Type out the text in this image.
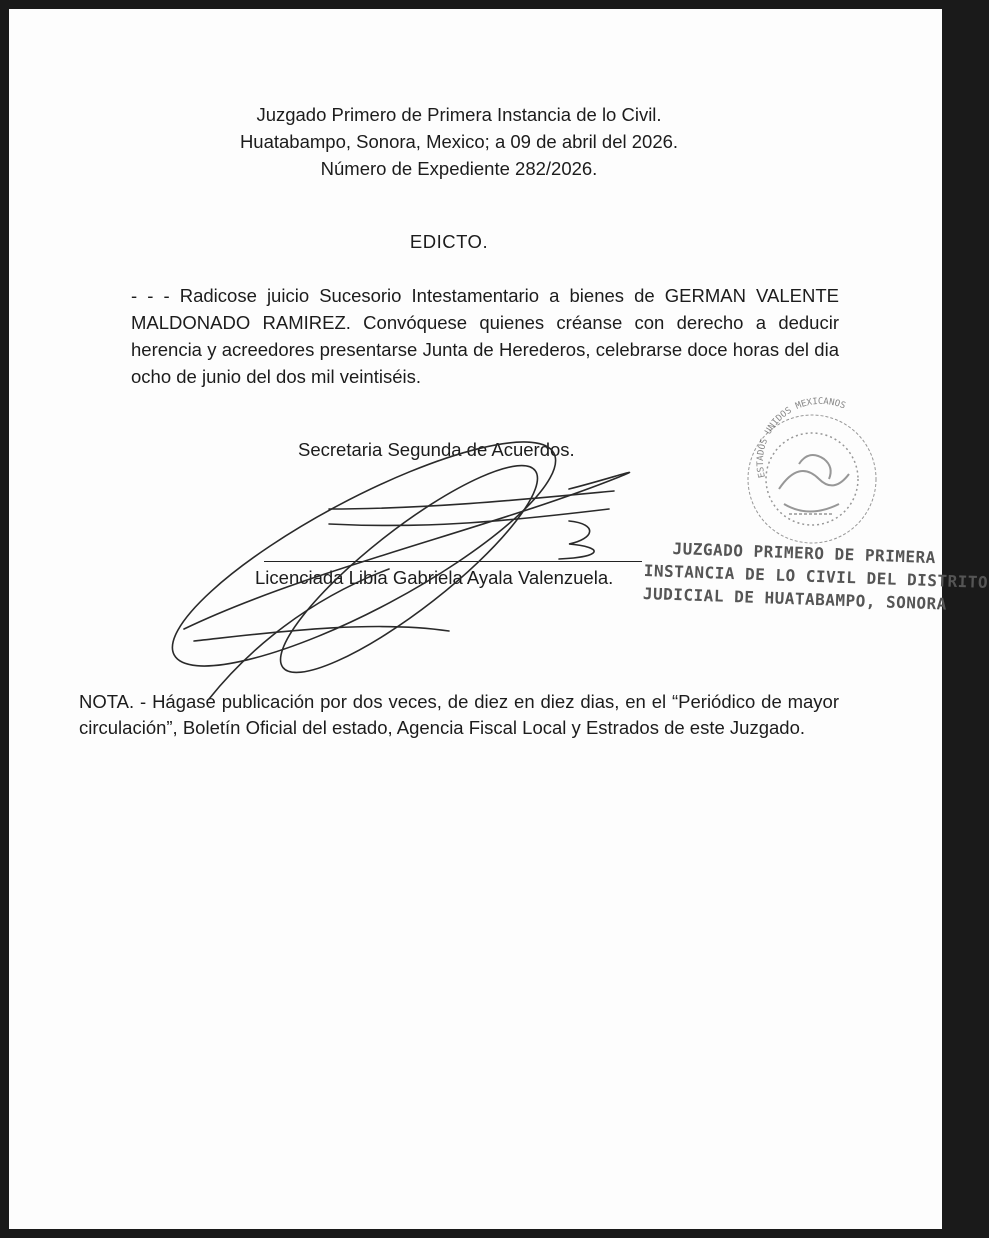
Juzgado Primero de Primera Instancia de lo Civil.
Huatabampo, Sonora, Mexico; a 09 de abril del 2026.
Número de Expediente 282/2026.
EDICTO.
- - - Radicose juicio Sucesorio Intestamentario a bienes de GERMAN VALENTE MALDONADO RAMIREZ. Convóquese quienes créanse con derecho a deducir herencia y acreedores presentarse Junta de Herederos, celebrarse doce horas del dia ocho de junio del dos mil veintiséis.
Secretaria Segunda de Acuerdos.
Licenciada Libia Gabriela Ayala Valenzuela.
NOTA. - Hágase publicación por dos veces, de diez en diez dias, en el “Periódico de mayor circulación”, Boletín Oficial del estado, Agencia Fiscal Local y Estrados de este Juzgado.
ESTADOS UNIDOS MEXICANOS
JUZGADO PRIMERO DE PRIMERA
INSTANCIA DE LO CIVIL DEL DISTRITO
JUDICIAL DE HUATABAMPO, SONORA
